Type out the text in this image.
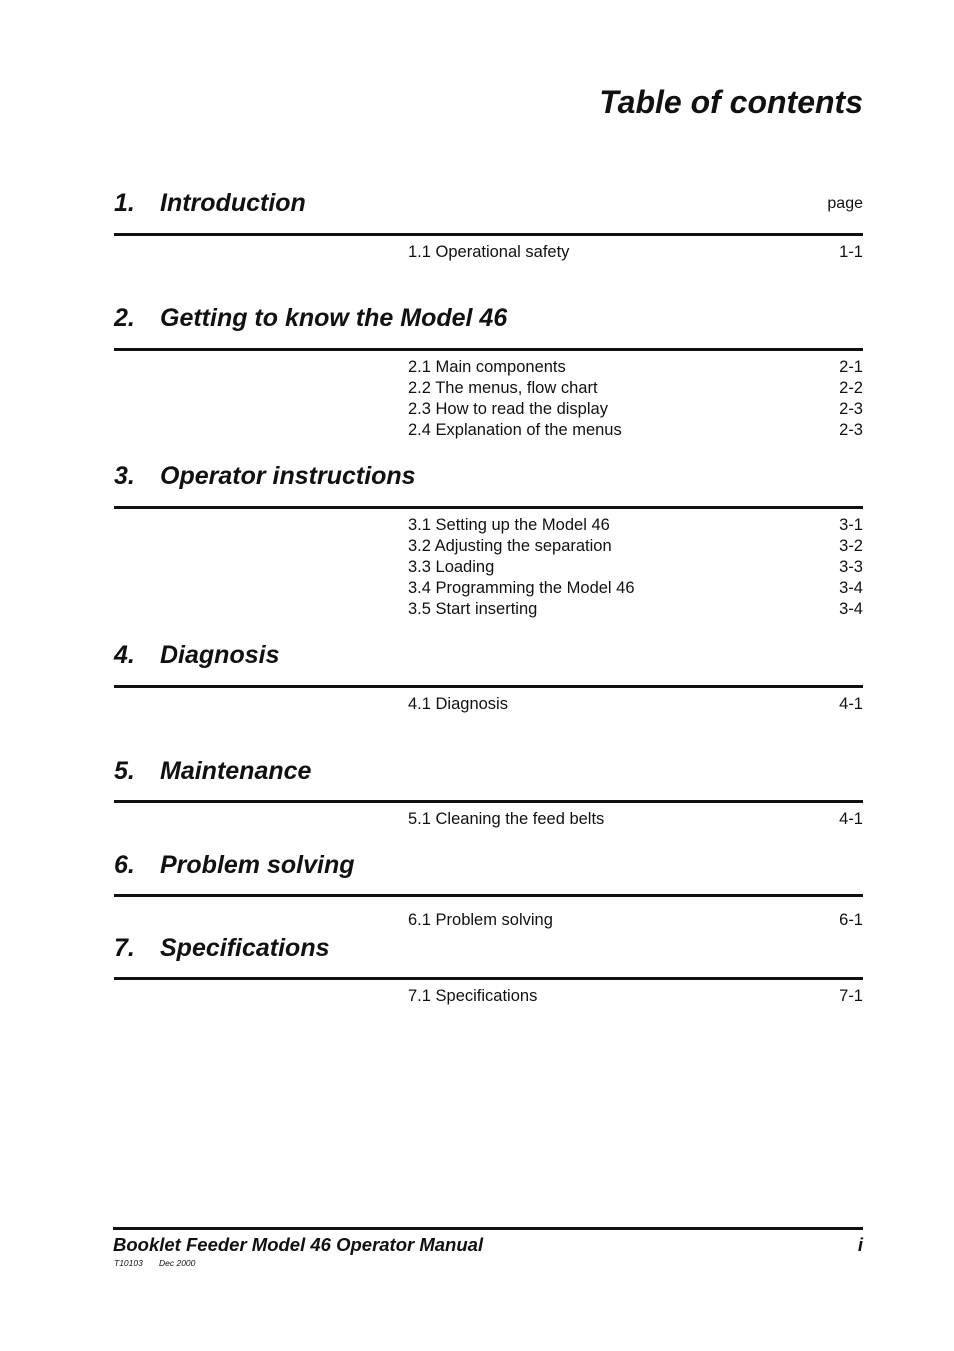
Table of contents
1. Introduction	page
1.1 Operational safety	1-1
2. Getting to know the Model 46
2.1 Main components	2-1
2.2 The menus, flow chart	2-2
2.3 How to read the display	2-3
2.4 Explanation of the menus	2-3
3. Operator instructions
3.1 Setting up the Model 46	3-1
3.2 Adjusting the separation	3-2
3.3 Loading	3-3
3.4 Programming the Model 46	3-4
3.5 Start inserting	3-4
4. Diagnosis
4.1 Diagnosis	4-1
5. Maintenance
5.1 Cleaning the feed belts	4-1
6. Problem solving
6.1 Problem solving	6-1
7. Specifications
7.1 Specifications	7-1
Booklet Feeder Model 46 Operator Manual	i
T10103 Dec 2000
